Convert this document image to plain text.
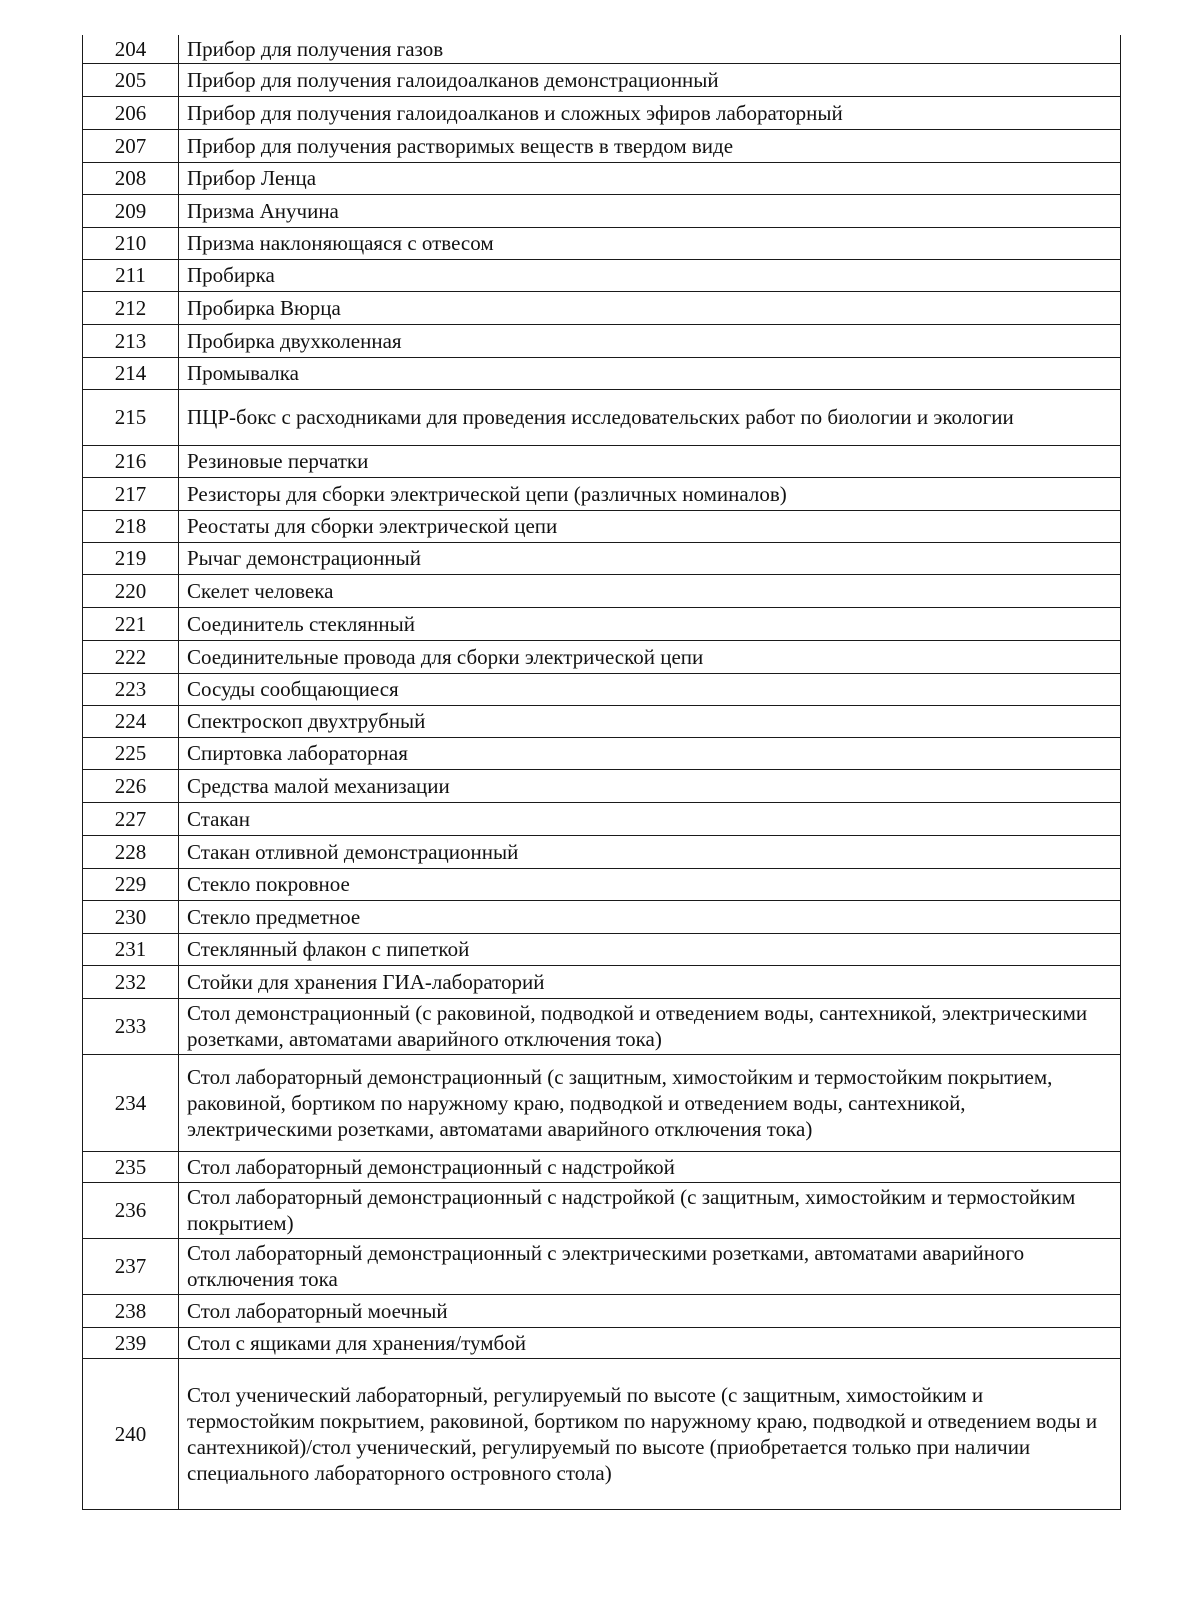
204	Прибор для получения газов
205	Прибор для получения галоидоалканов демонстрационный
206	Прибор для получения галоидоалканов и сложных эфиров лабораторный
207	Прибор для получения растворимых веществ в твердом виде
208	Прибор Ленца
209	Призма Анучина
210	Призма наклоняющаяся с отвесом
211	Пробирка
212	Пробирка Вюрца
213	Пробирка двухколенная
214	Промывалка
215	ПЦР-бокс с расходниками для проведения исследовательских работ по биологии и экологии
216	Резиновые перчатки
217	Резисторы для сборки электрической цепи (различных номиналов)
218	Реостаты для сборки электрической цепи
219	Рычаг демонстрационный
220	Скелет человека
221	Соединитель стеклянный
222	Соединительные провода для сборки электрической цепи
223	Сосуды сообщающиеся
224	Спектроскоп двухтрубный
225	Спиртовка лабораторная
226	Средства малой механизации
227	Стакан
228	Стакан отливной демонстрационный
229	Стекло покровное
230	Стекло предметное
231	Стеклянный флакон с пипеткой
232	Стойки для хранения ГИА-лабораторий
233	Стол демонстрационный (с раковиной, подводкой и отведением воды, сантехникой, электрическими розетками, автоматами аварийного отключения тока)
234	Стол лабораторный демонстрационный (с защитным, химостойким и термостойким покрытием, раковиной, бортиком по наружному краю, подводкой и отведением воды, сантехникой, электрическими розетками, автоматами аварийного отключения тока)
235	Стол лабораторный демонстрационный с надстройкой
236	Стол лабораторный демонстрационный с надстройкой (с защитным, химостойким и термостойким покрытием)
237	Стол лабораторный демонстрационный с электрическими розетками, автоматами аварийного отключения тока
238	Стол лабораторный моечный
239	Стол с ящиками для хранения/тумбой
240	Стол ученический лабораторный, регулируемый по высоте (с защитным, химостойким и термостойким покрытием, раковиной, бортиком по наружному краю, подводкой и отведением воды и сантехникой)/стол ученический, регулируемый по высоте (приобретается только при наличии специального лабораторного островного стола)
